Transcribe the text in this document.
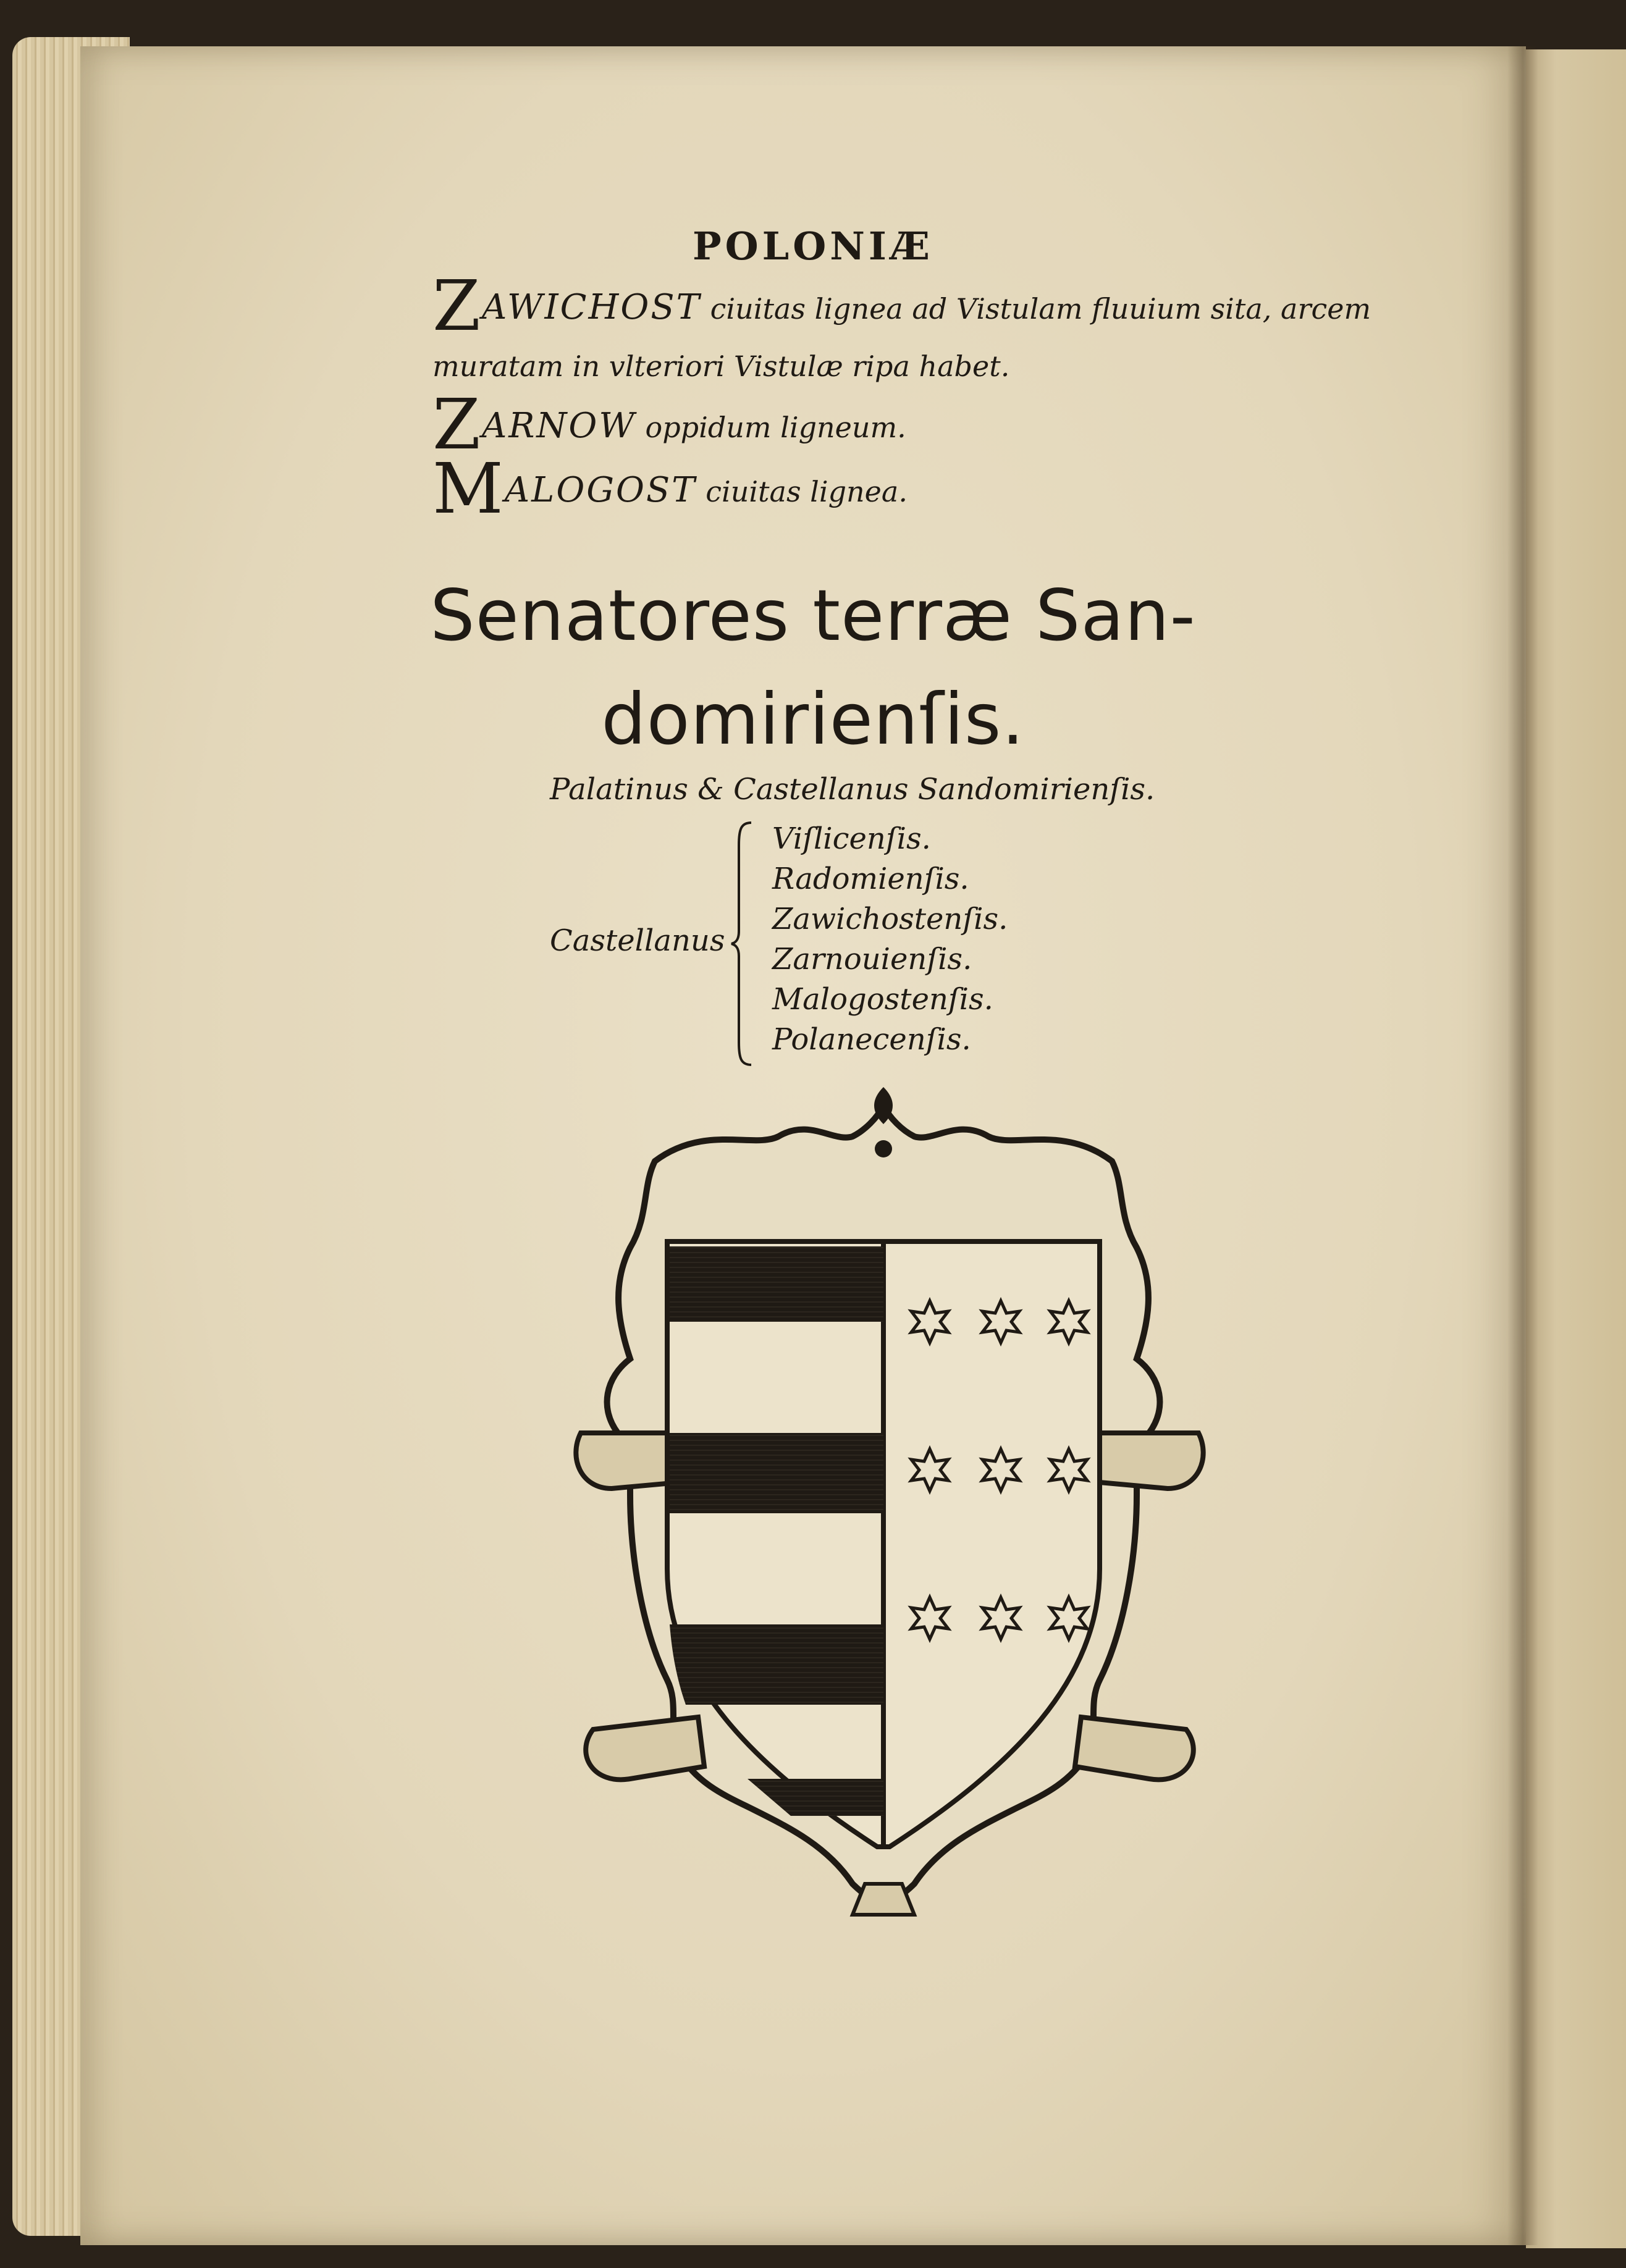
POLONIÆ
ZAWICHOST ciuitas lignea ad Vistulam fluuium sita, arcem
muratam in vlteriori Vistulæ ripa habet.
ZARNOW oppidum ligneum.
MALOGOST ciuitas lignea.
Senatores terræ San-
domirienſis.
Palatinus & Castellanus Sandomirienſis.
Castellanus
Viſlicenſis.
Radomienſis.
Zawichostenſis.
Zarnouienſis.
Malogostenſis.
Polanecenſis.
